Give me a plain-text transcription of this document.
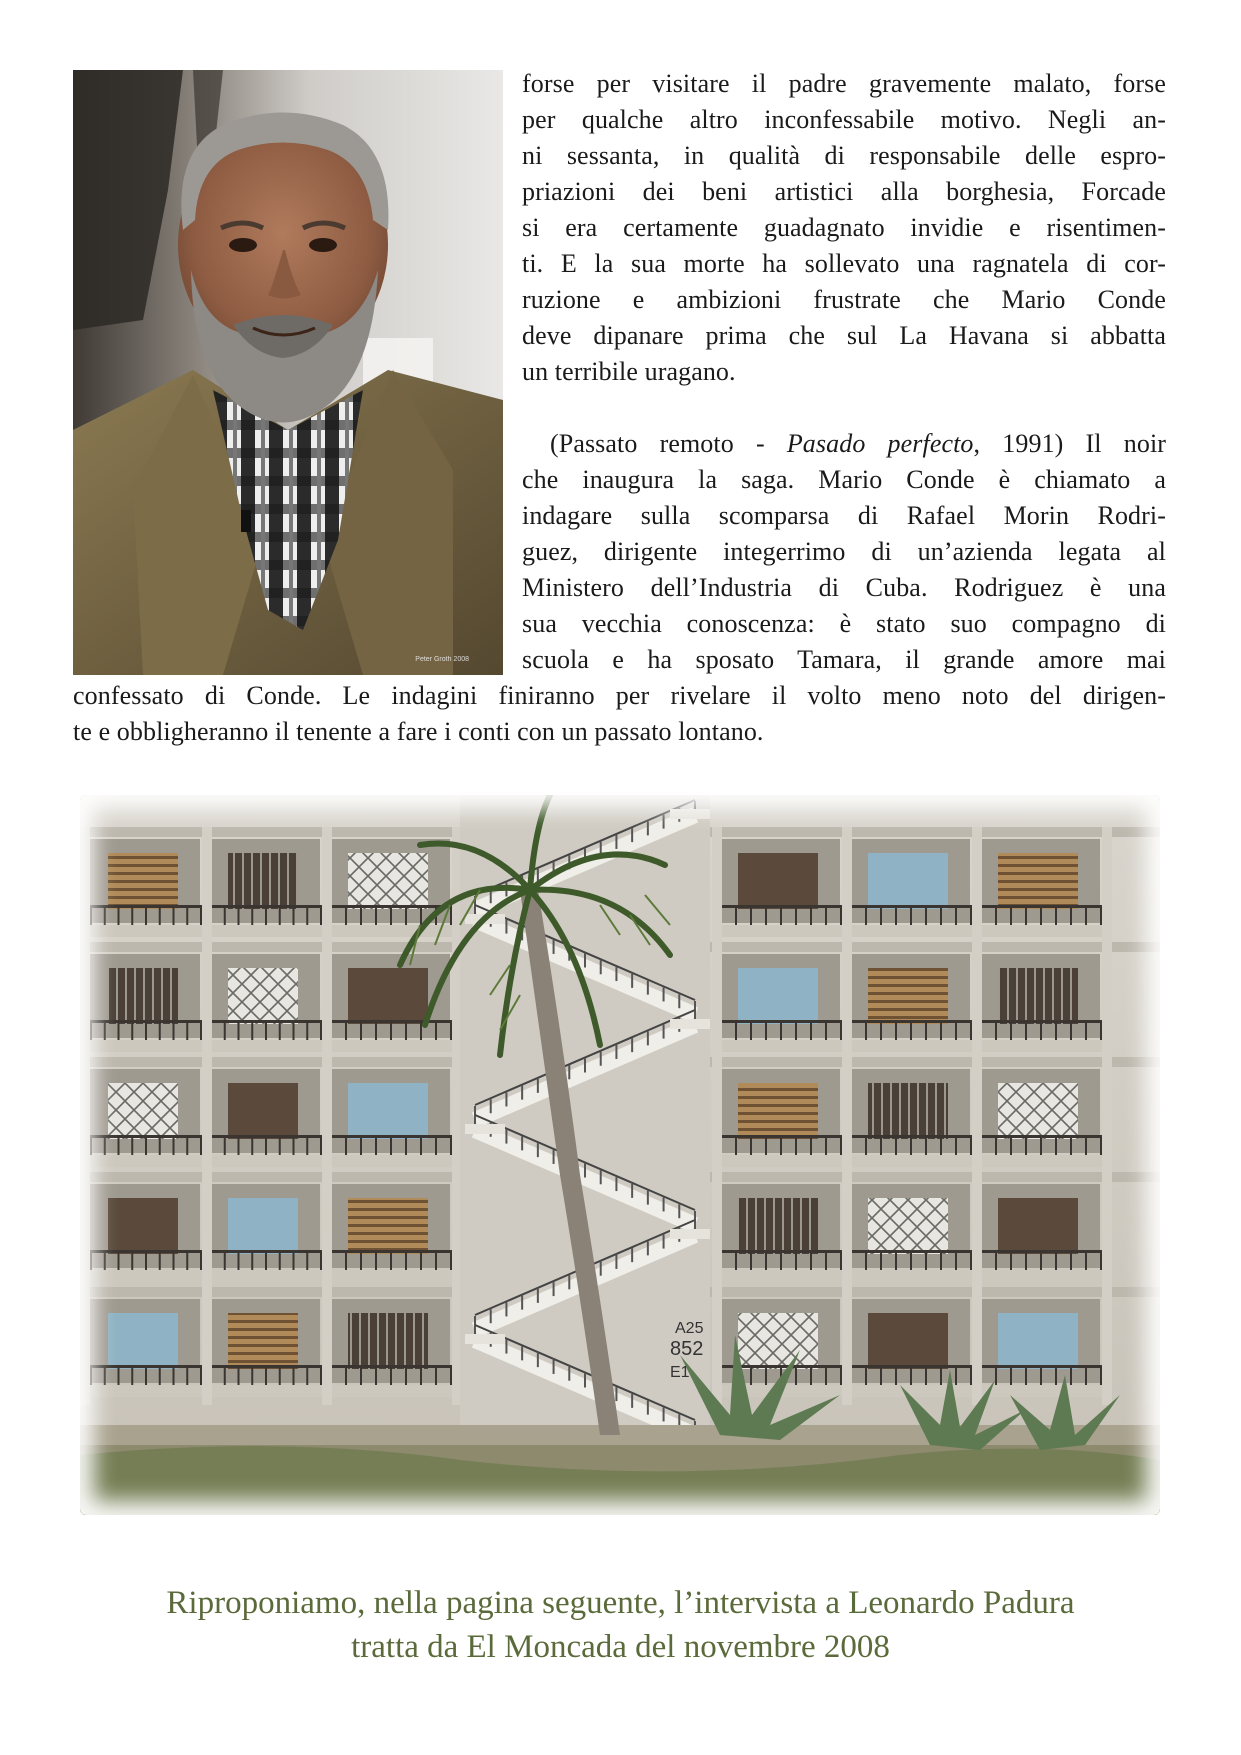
Peter Groth 2008
forse per visitare il padre gravemente malato, forse
per qualche altro inconfessabile motivo. Negli an-
ni sessanta, in qualità di responsabile delle espro-
priazioni dei beni artistici alla borghesia, Forcade
si era certamente guadagnato invidie e risentimen-
ti. E la sua morte ha sollevato una ragnatela di cor-
ruzione e ambizioni frustrate che Mario Conde
deve dipanare prima che sul La Havana si abbatta
un terribile uragano.
(Passato remoto - Pasado perfecto, 1991) Il noir
che inaugura la saga. Mario Conde è chiamato a
indagare sulla scomparsa di Rafael Morin Rodri-
guez, dirigente integerrimo di un’azienda legata al
Ministero dell’Industria di Cuba. Rodriguez è una
sua vecchia conoscenza: è stato suo compagno di
scuola e ha sposato Tamara, il grande amore mai
confessato di Conde. Le indagini finiranno per rivelare il volto meno noto del dirigen-
te e obbligheranno il tenente a fare i conti con un passato lontano.
A25
852
E1
Riproponiamo, nella pagina seguente, l’intervista a Leonardo Padura
tratta da El Moncada del novembre 2008
